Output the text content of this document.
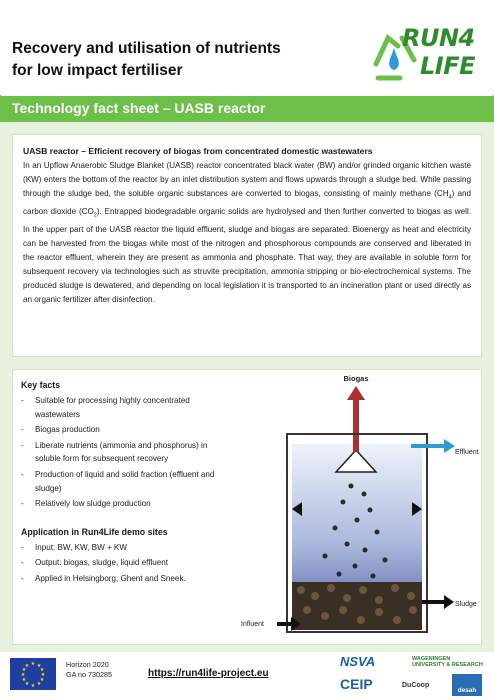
Recovery and utilisation of nutrients
for low impact fertiliser
RUN4
LIFE
Technology fact sheet – UASB reactor
UASB reactor – Efficient recovery of biogas from concentrated domestic wastewaters

In an Upflow Anaerobic Sludge Blanket (UASB) reactor concentrated black water (BW) and/or grinded organic kitchen waste (KW) enters the bottom of the reactor by an inlet distribution system and flows upwards through a sludge bed. While passing through the sludge bed, the soluble organic substances are converted to biogas, consisting of mainly methane $(CH_4)$ and carbon dioxide $(CO_2)$. Entrapped biodegradable organic solids are hydrolysed and then further converted to biogas as well. In the upper part of the UASB reactor the liquid effluent, sludge and biogas are separated. Bioenergy as heat and electricity can be harvested from the biogas while most of the nitrogen and phosphorous compounds are conserved and liberated in the reactor effluent, wherein they are present as ammonia and phosphate. That way, they are available in soluble form for subsequent recovery via technologies such as struvite precipitation, ammonia stripping or bio-electrochemical systems. The produced sludge is dewatered, and depending on local legislation it is transported to an incineration plant or used directly as an organic fertilizer after disinfection.

Key facts
- Suitable for processing highly concentrated wastewaters
- Biogas production
- Liberate nutrients (ammonia and phosphorus) in soluble form for subsequent recovery
- Production of liquid and solid fraction (effluent and sludge)
- Relatively low sludge production
Application in Run4Life demo sites
- Input: BW, KW, BW + KW
- Output: biogas, sludge, liquid effluent
- Applied in Helsingborg, Ghent and Sneek.
Biogas
Effluent
Sludge
Influent
★ ★
★
★
★
★
★
★
★
★
★
★	Horizon 2020
GA no 730285	https://run4life-project.eu
NSVA	WAGENINGEN
UNIVERSITY & RESEARCH
CEIP	DuCoop
desah
